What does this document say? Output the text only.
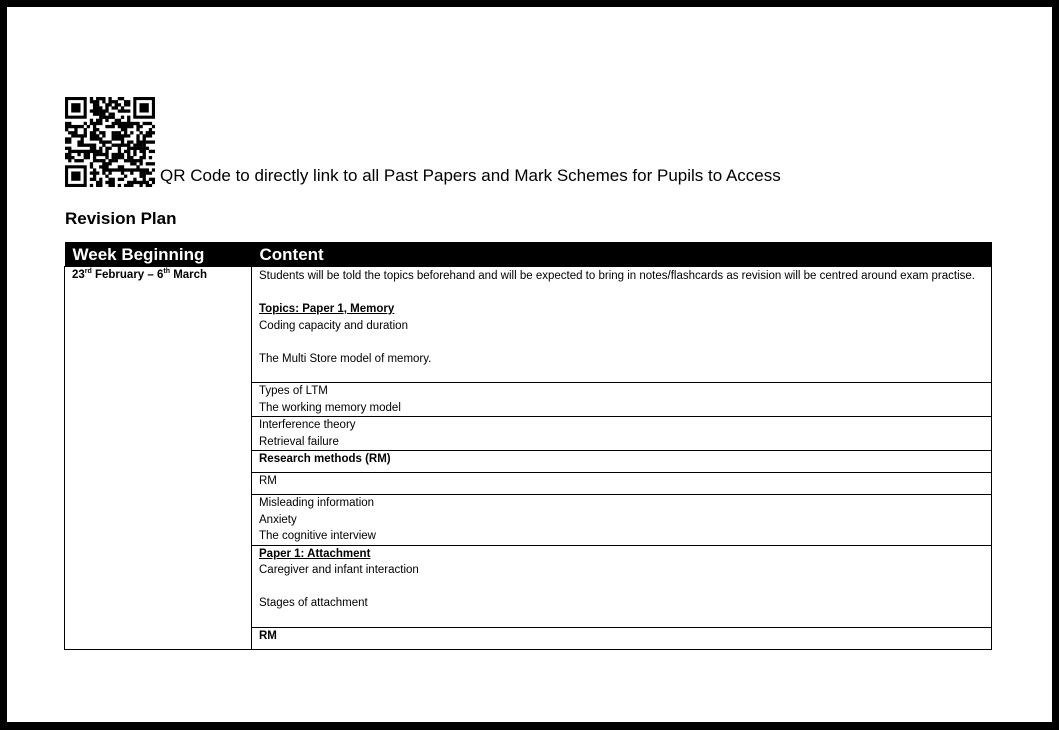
QR Code to directly link to all Past Papers and Mark Schemes for Pupils to Access
Revision Plan
Week Beginning	Content
23rd February – 6th March	Students will be told the topics beforehand and will be expected to bring in notes/flashcards as revision will be centred around exam practise.
Topics: Paper 1, Memory
Coding capacity and duration
The Multi Store model of memory.

	Types of LTM
The working memory model

	Interference theory
Retrieval failure

	Research methods (RM)

	RM

	Misleading information
Anxiety
The cognitive interview

	Paper 1: Attachment
Caregiver and infant interaction
Stages of attachment

	RM
